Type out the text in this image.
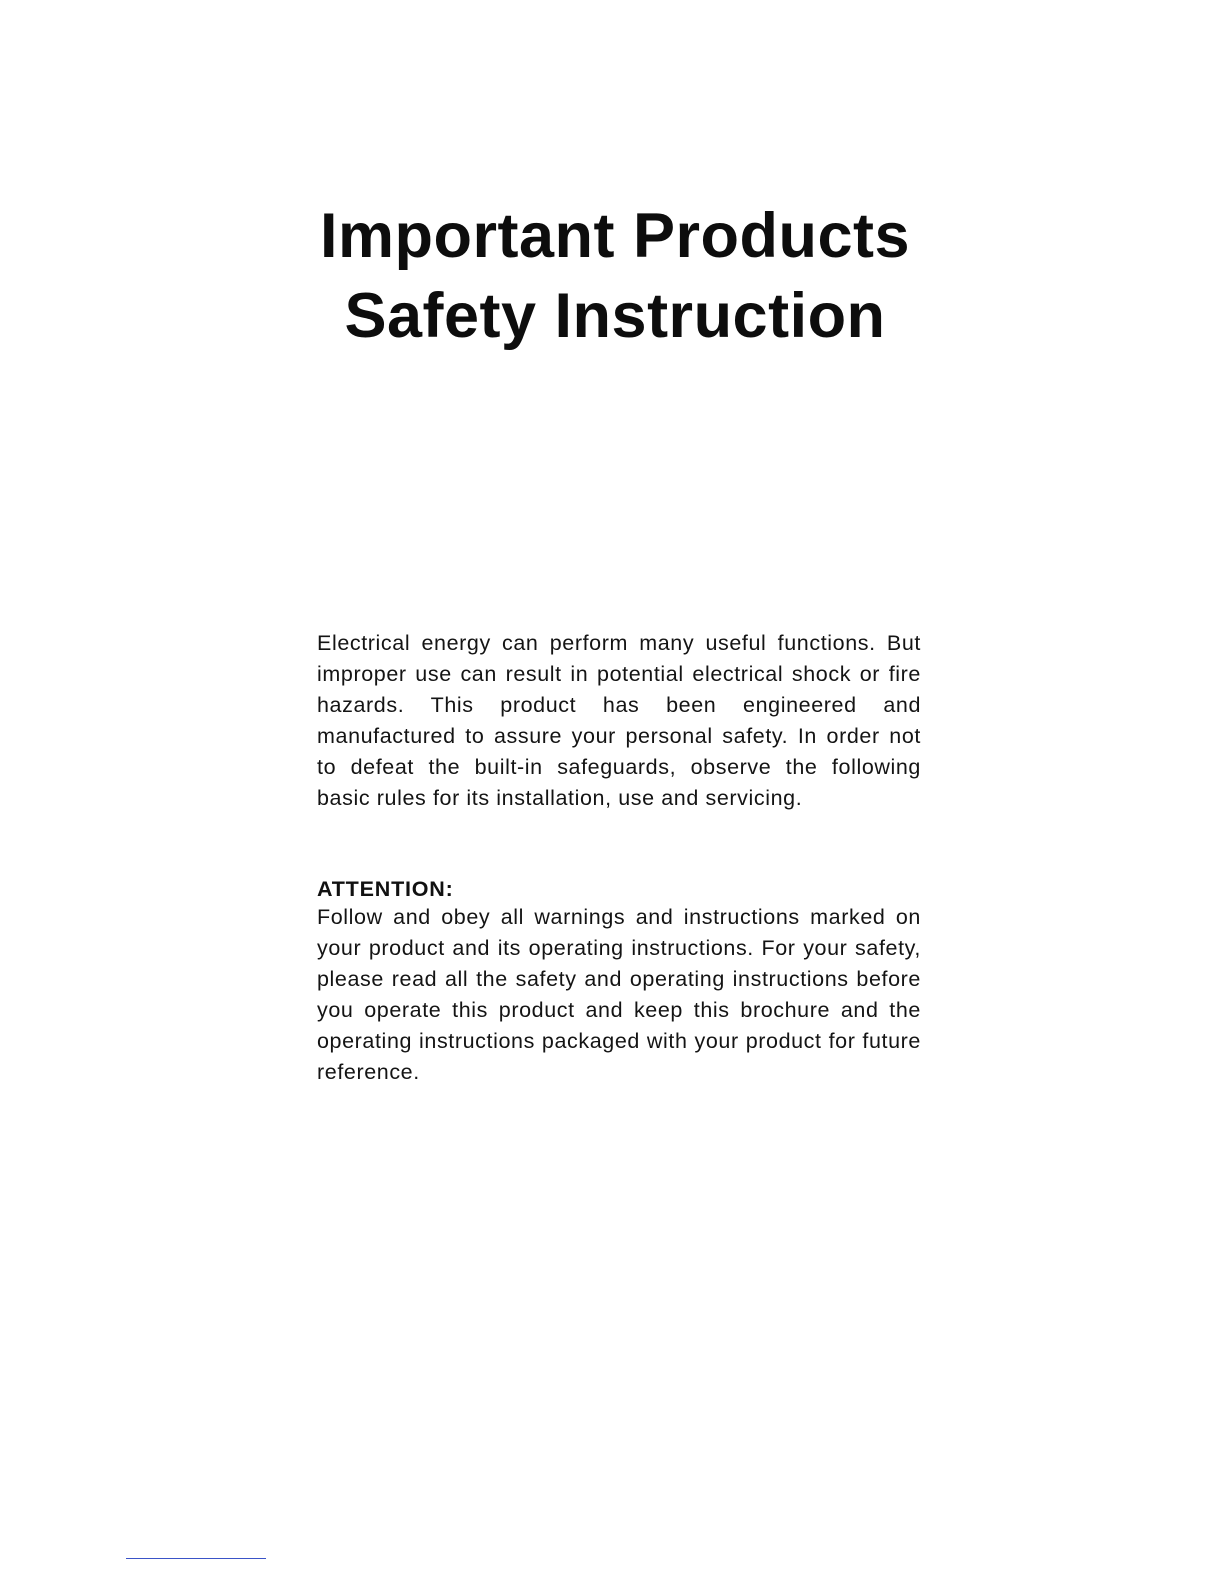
Important Products
Safety Instruction

Electrical energy can perform many useful functions. But improper use can result in potential electrical shock or fire hazards. This product has been engineered and manufactured to assure your personal safety. In order not to defeat the built-in safeguards, observe the following basic rules for its installation, use and servicing.

ATTENTION:

Follow and obey all warnings and instructions marked on your product and its operating instructions. For your safety, please read all the safety and operating instructions before you operate this product and keep this brochure and the operating instructions packaged with your product for future reference.
